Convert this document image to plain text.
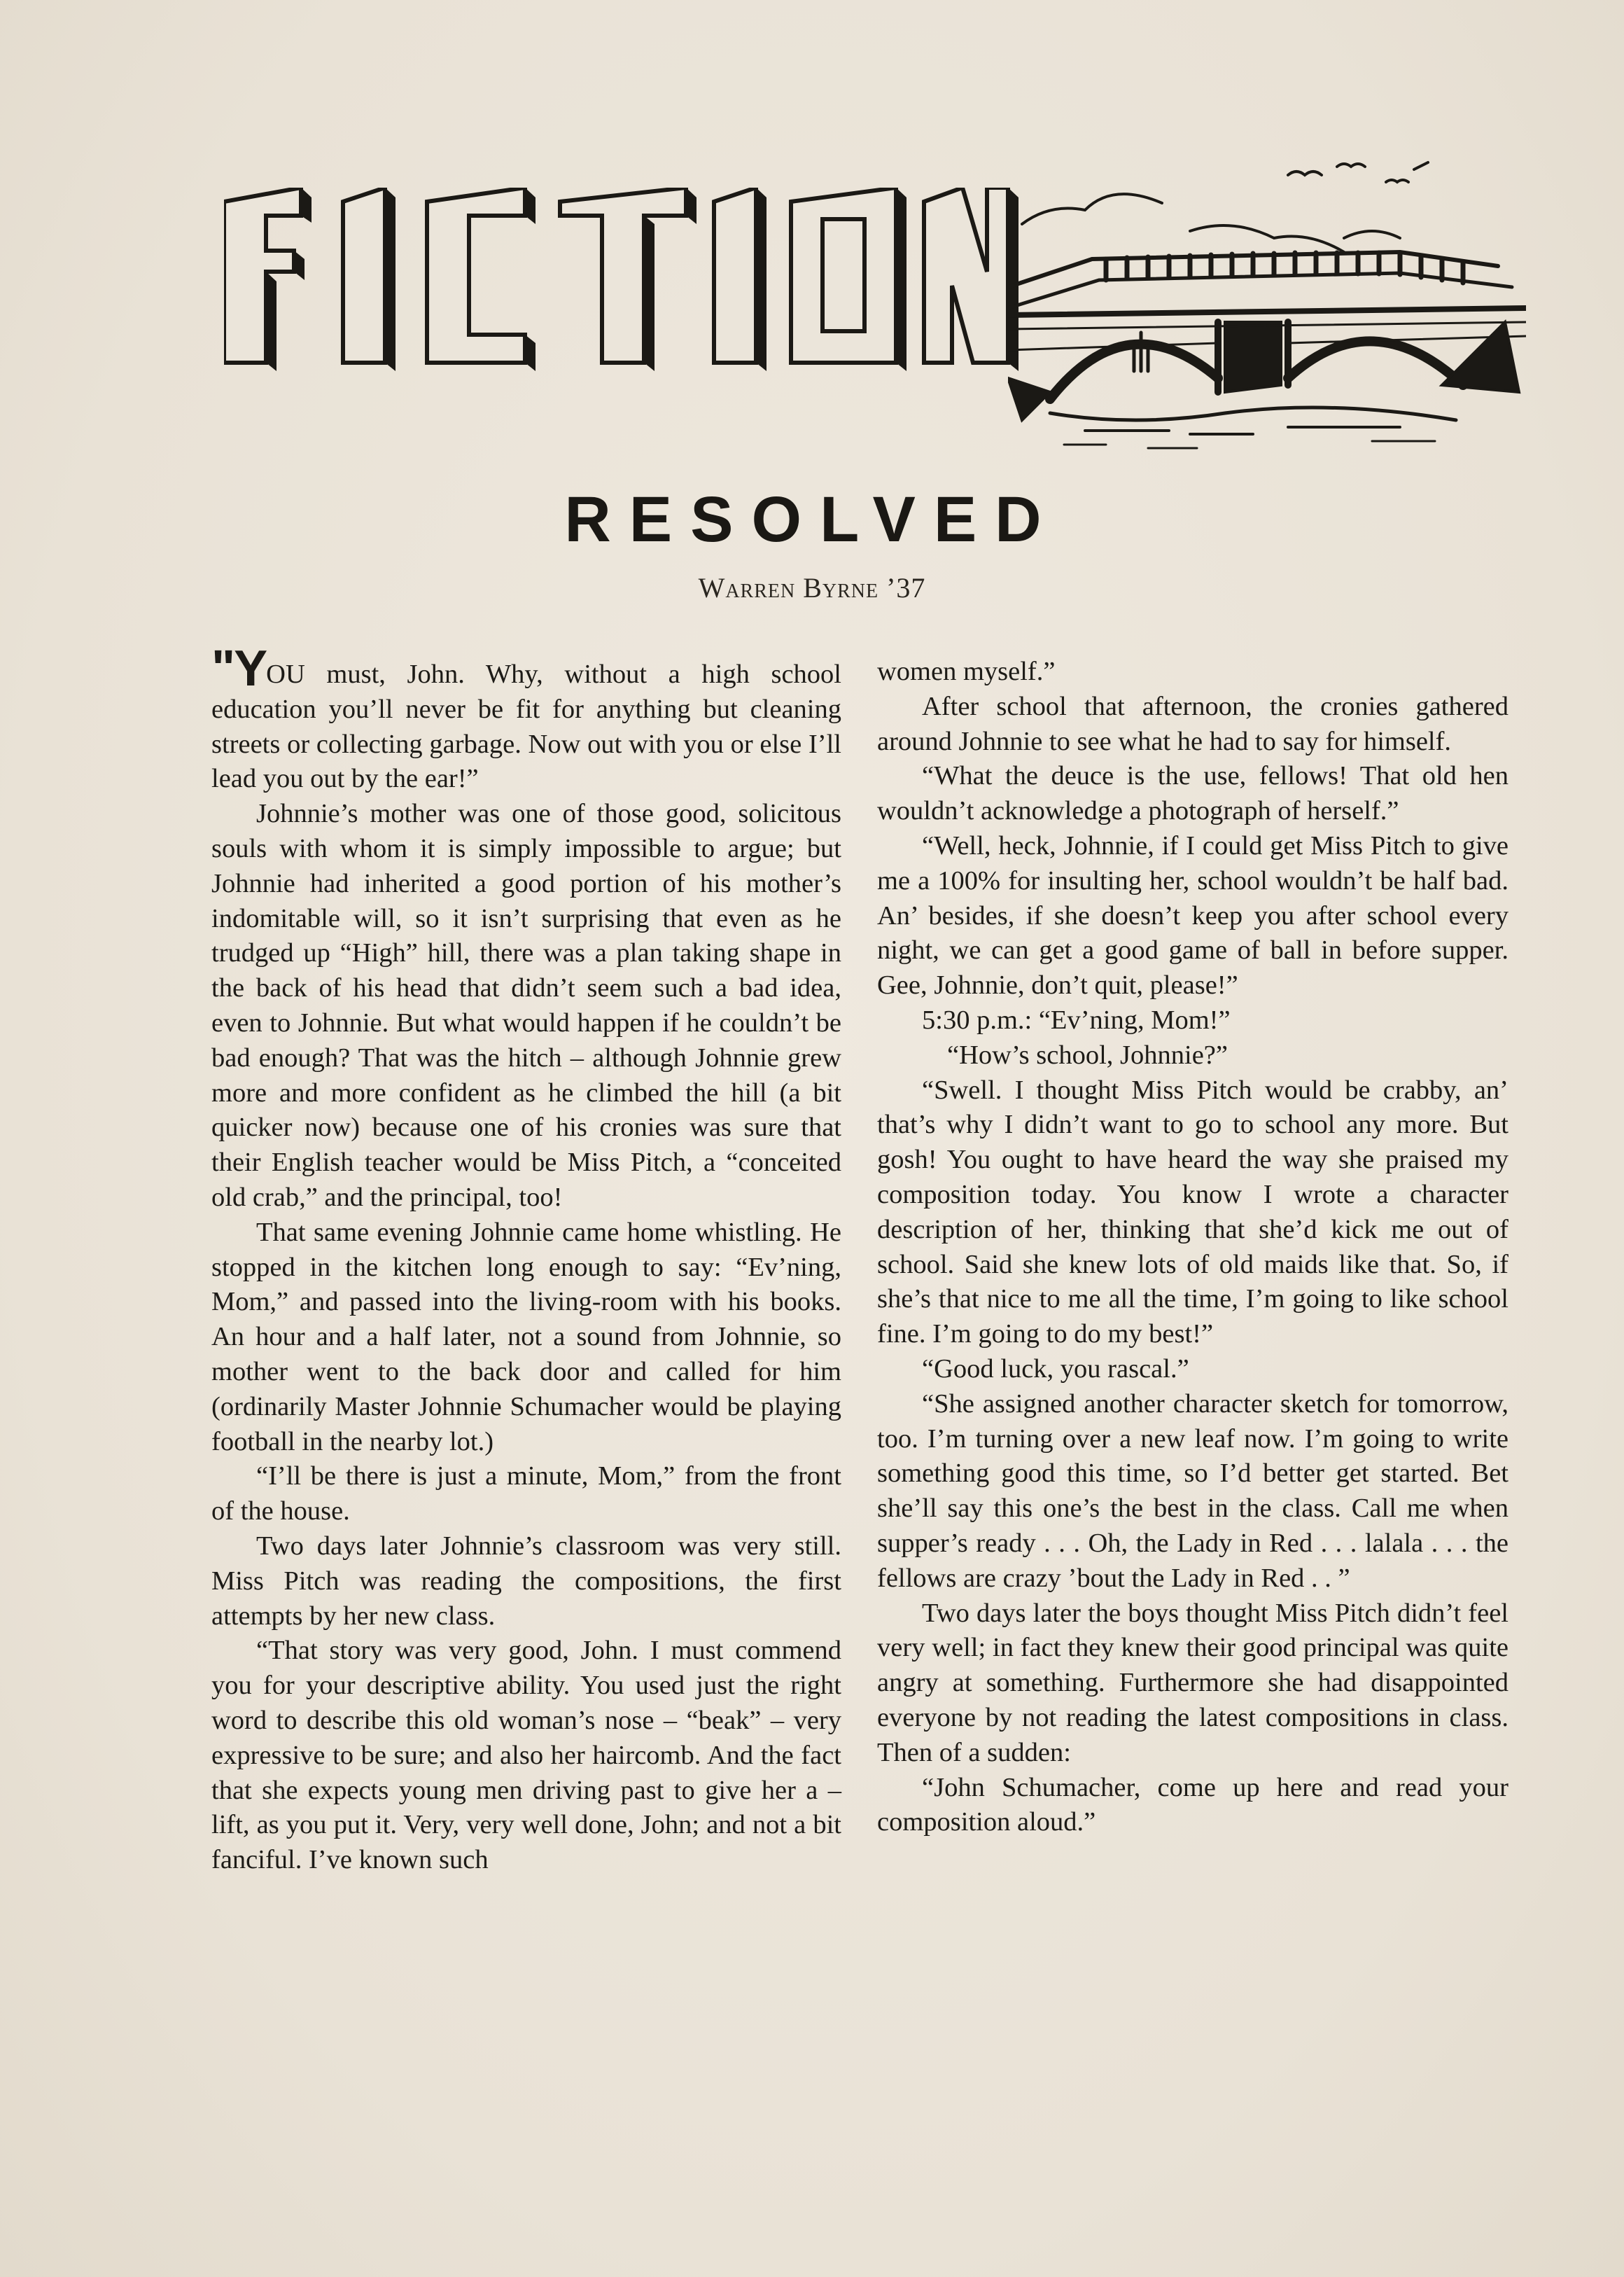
RESOLVED
Warren Byrne ’37

"YOU must, John. Why, without a high school education you’ll never be fit for anything but cleaning streets or collecting garbage. Now out with you or else I’ll lead you out by the ear!”

Johnnie’s mother was one of those good, solicitous souls with whom it is simply impossible to argue; but Johnnie had inherited a good portion of his mother’s indomitable will, so it isn’t surprising that even as he trudged up “High” hill, there was a plan taking shape in the back of his head that didn’t seem such a bad idea, even to Johnnie. But what would happen if he couldn’t be bad enough? That was the hitch – although Johnnie grew more and more confident as he climbed the hill (a bit quicker now) because one of his cronies was sure that their English teacher would be Miss Pitch, a “conceited old crab,” and the principal, too!

That same evening Johnnie came home whistling. He stopped in the kitchen long enough to say: “Ev’ning, Mom,” and passed into the living-room with his books. An hour and a half later, not a sound from Johnnie, so mother went to the back door and called for him (ordinarily Master Johnnie Schumacher would be playing football in the nearby lot.)

“I’ll be there is just a minute, Mom,” from the front of the house.

Two days later Johnnie’s classroom was very still. Miss Pitch was reading the compositions, the first attempts by her new class.

“That story was very good, John. I must commend you for your descriptive ability. You used just the right word to describe this old woman’s nose – “beak” – very expressive to be sure; and also her haircomb. And the fact that she expects young men driving past to give her a – lift, as you put it. Very, very well done, John; and not a bit fanciful. I’ve known such

women myself.”

After school that afternoon, the cronies gathered around Johnnie to see what he had to say for himself.

“What the deuce is the use, fellows! That old hen wouldn’t acknowledge a photograph of herself.”

“Well, heck, Johnnie, if I could get Miss Pitch to give me a 100% for insulting her, school wouldn’t be half bad. An’ besides, if she doesn’t keep you after school every night, we can get a good game of ball in before supper. Gee, Johnnie, don’t quit, please!”

5:30 p.m.: “Ev’ning, Mom!”

“How’s school, Johnnie?”

“Swell. I thought Miss Pitch would be crabby, an’ that’s why I didn’t want to go to school any more. But gosh! You ought to have heard the way she praised my composition today. You know I wrote a character description of her, thinking that she’d kick me out of school. Said she knew lots of old maids like that. So, if she’s that nice to me all the time, I’m going to like school fine. I’m going to do my best!”

“Good luck, you rascal.”

“She assigned another character sketch for tomorrow, too. I’m turning over a new leaf now. I’m going to write something good this time, so I’d better get started. Bet she’ll say this one’s the best in the class. Call me when supper’s ready . . . Oh, the Lady in Red . . . lalala . . . the fellows are crazy ’bout the Lady in Red . . ”

Two days later the boys thought Miss Pitch didn’t feel very well; in fact they knew their good principal was quite angry at something. Furthermore she had disappointed everyone by not reading the latest compositions in class. Then of a sudden:

“John Schumacher, come up here and read your composition aloud.”
